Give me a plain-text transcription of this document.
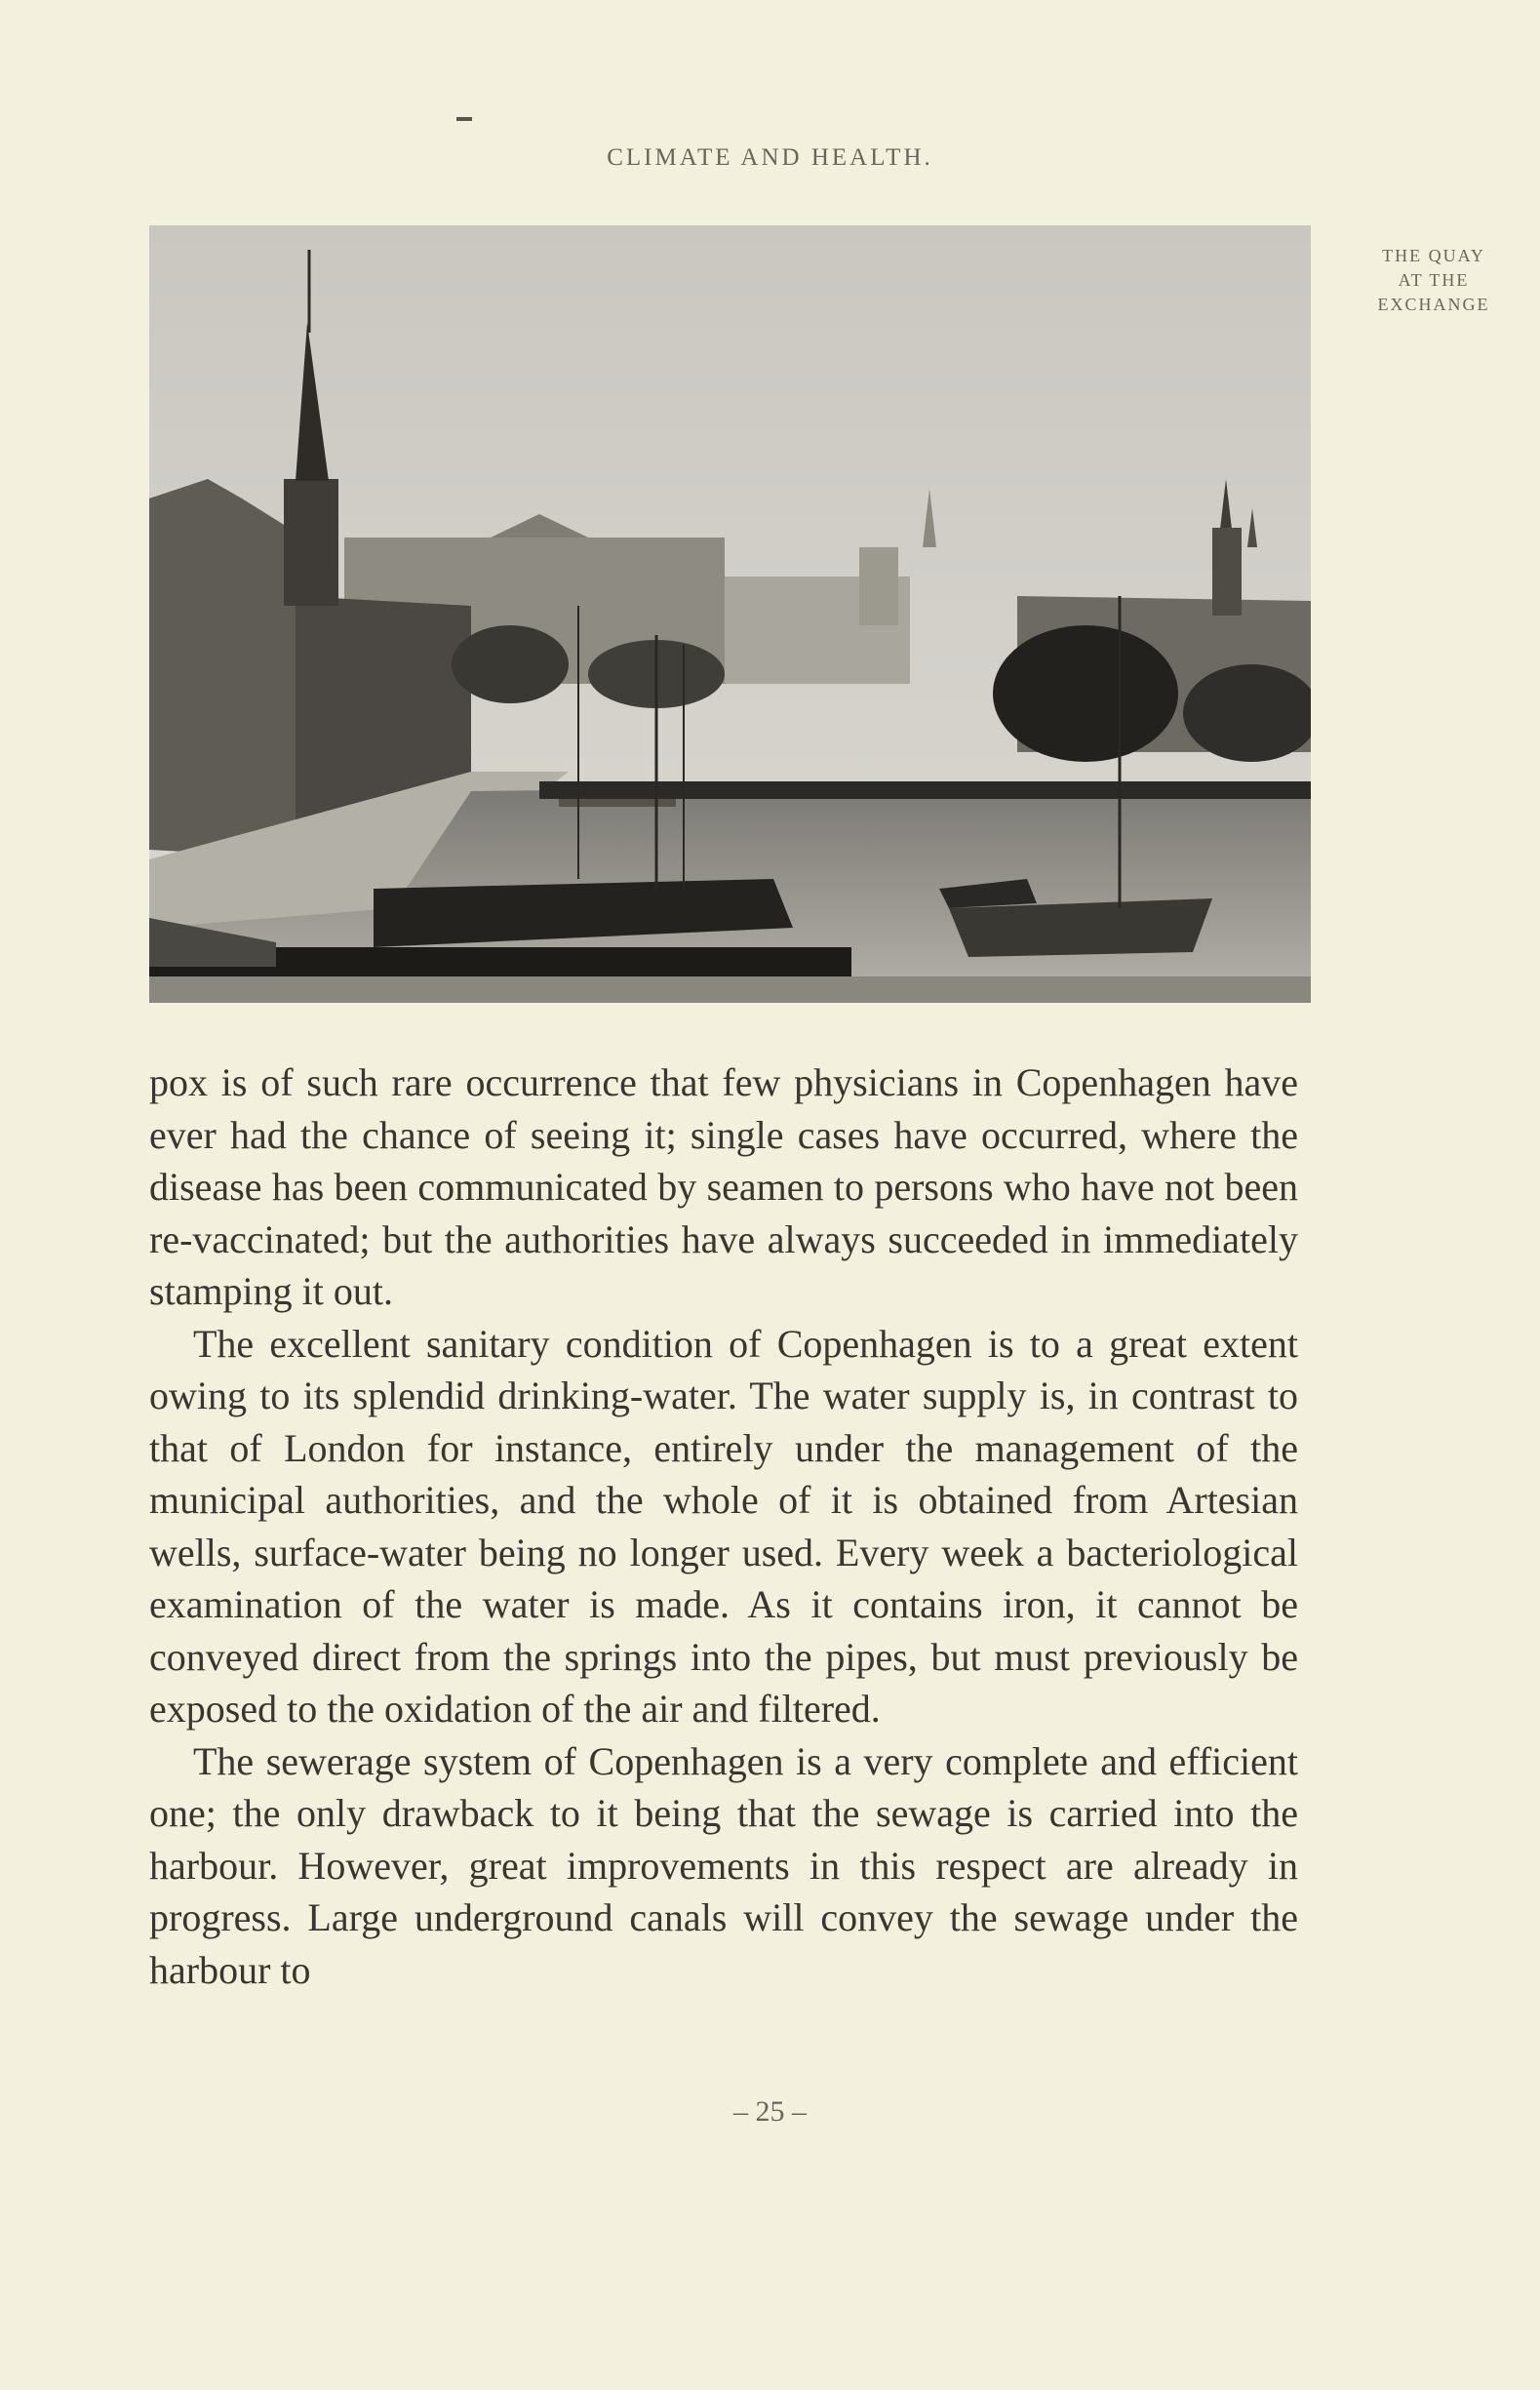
CLIMATE AND HEALTH.
THE QUAY
AT THE
EXCHANGE

pox is of such rare occurrence that few physicians in Copenhagen have ever had the chance of seeing it; single cases have occurred, where the disease has been communicated by seamen to persons who have not been re-vaccinated; but the authorities have always succeeded in immediately stamping it out.

The excellent sanitary condition of Copenhagen is to a great extent owing to its splendid drinking-water. The water supply is, in contrast to that of London for instance, entirely under the management of the municipal authorities, and the whole of it is obtained from Artesian wells, surface-water being no longer used. Every week a bacteriological examination of the water is made. As it contains iron, it cannot be conveyed direct from the springs into the pipes, but must previously be exposed to the oxidation of the air and filtered.

The sewerage system of Copenhagen is a very complete and efficient one; the only drawback to it being that the sewage is carried into the harbour. However, great improvements in this respect are already in progress. Large underground canals will convey the sewage under the harbour to

– 25 –
